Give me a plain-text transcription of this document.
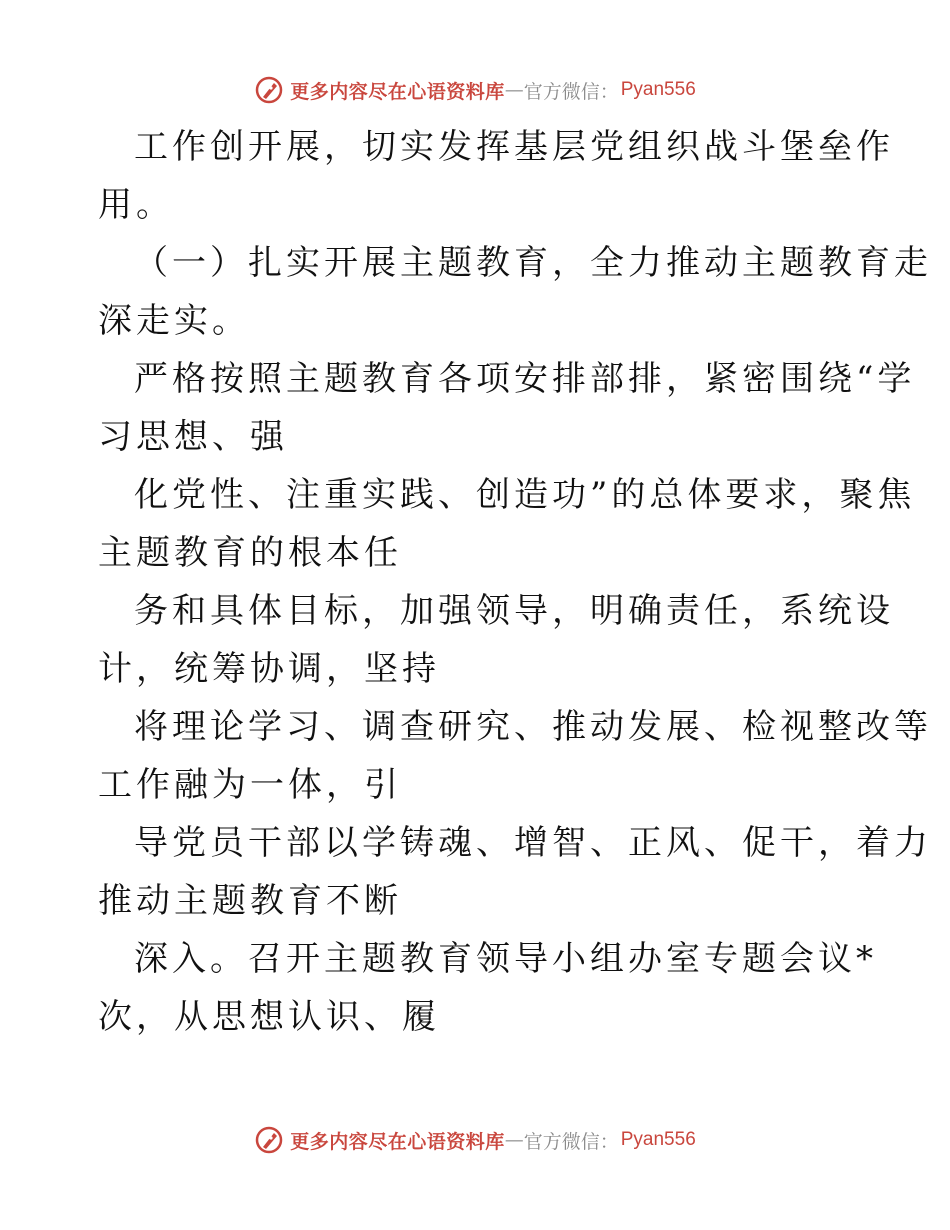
更多内容尽在心语资料库 — 官方微信： Pyan556
工作创开展，切实发挥基层党组织战斗堡垒作
用。
（一）扎实开展主题教育，全力推动主题教育走
深走实。
严格按照主题教育各项安排部排，紧密围绕“学
习思想、强
化党性、注重实践、创造功”的总体要求，聚焦
主题教育的根本任
务和具体目标，加强领导，明确责任，系统设
计，统筹协调，坚持
将理论学习、调查研究、推动发展、检视整改等
工作融为一体，引
导党员干部以学铸魂、增智、正风、促干，着力
推动主题教育不断
深入。召开主题教育领导小组办室专题会议*
次，从思想认识、履
更多内容尽在心语资料库 — 官方微信： Pyan556
